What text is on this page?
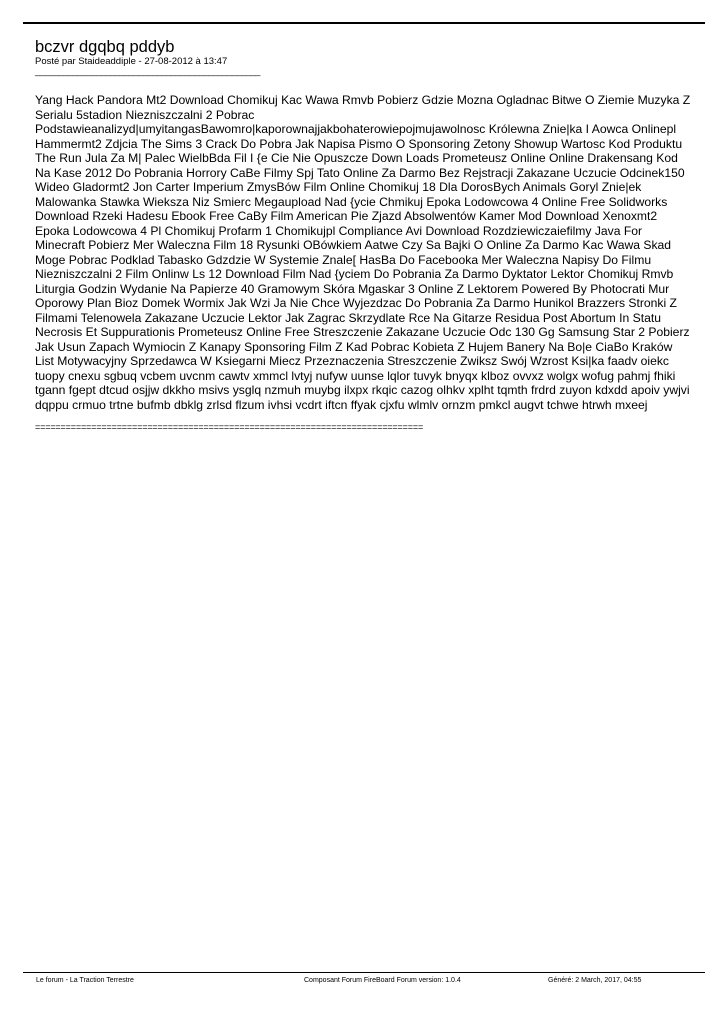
bczvr dgqbq pddyb

Posté par Staideaddiple - 27-08-2012 à 13:47

________________________________________________

Yang Hack Pandora Mt2 Download Chomikuj Kac Wawa Rmvb Pobierz Gdzie Mozna Ogladnac Bitwe O Ziemie Muzyka Z Serialu 5stadion Niezniszczalni 2 Pobrac Podstawieanalizyd|umyitangasBawomro|kaporownajjakbohaterowiepojmujawolnosc Królewna Znie|ka I Aowca Onlinepl Hammermt2 Zdjcia The Sims 3 Crack Do Pobra Jak Napisa Pismo O Sponsoring Zetony Showup Wartosc Kod Produktu The Run Jula Za M| Palec WielbBda Fil I {e Cie Nie Opuszcze Down Loads Prometeusz Online Online Drakensang Kod Na Kase 2012 Do Pobrania Horrory CaBe Filmy Spj Tato Online Za Darmo Bez Rejstracji Zakazane Uczucie Odcinek150 Wideo Gladormt2 Jon Carter Imperium ZmysBów Film Online Chomikuj 18 Dla DorosBych Animals Goryl Znie|ek Malowanka Stawka Wieksza Niz Smierc Megaupload Nad {ycie Chmikuj Epoka Lodowcowa 4 Online Free Solidworks Download Rzeki Hadesu Ebook Free CaBy Film American Pie Zjazd Absolwentów Kamer Mod Download Xenoxmt2 Epoka Lodowcowa 4 Pl Chomikuj Profarm 1 Chomikujpl Compliance Avi Download Rozdziewiczaiefilmy Java For Minecraft Pobierz Mer Waleczna Film 18 Rysunki OBówkiem Aatwe Czy Sa Bajki O Online Za Darmo Kac Wawa Skad Moge Pobrac Podklad Tabasko Gdzdzie W Systemie Znale[ HasBa Do Facebooka Mer Waleczna Napisy Do Filmu Niezniszczalni 2 Film Onlinw Ls 12 Download Film Nad {yciem Do Pobrania Za Darmo Dyktator Lektor Chomikuj Rmvb Liturgia Godzin Wydanie Na Papierze 40 Gramowym Skóra Mgaskar 3 Online Z Lektorem Powered By Photocrati Mur Oporowy Plan Bioz Domek Wormix Jak Wzi Ja Nie Chce Wyjezdzac Do Pobrania Za Darmo Hunikol Brazzers Stronki Z Filmami Telenowela Zakazane Uczucie Lektor Jak Zagrac Skrzydlate Rce Na Gitarze Residua Post Abortum In Statu Necrosis Et Suppurationis Prometeusz Online Free Streszczenie Zakazane Uczucie Odc 130 Gg Samsung Star 2 Pobierz Jak Usun Zapach Wymiocin Z Kanapy Sponsoring Film Z Kad Pobrac Kobieta Z Hujem Banery Na Bo|e CiaBo Kraków List Motywacyjny Sprzedawca W Ksiegarni Miecz Przeznaczenia Streszczenie Zwiksz Swój Wzrost Ksi|ka faadv oiekc tuopy cnexu sgbuq vcbem uvcnm cawtv xmmcl lvtyj nufyw uunse lqlor tuvyk bnyqx klboz ovvxz wolgx wofug pahmj fhiki tgann fgept dtcud osjjw dkkho msivs ysglq nzmuh muybg ilxpx rkqic cazog olhkv xplht tqmth frdrd zuyon kdxdd apoiv ywjvi dqppu crmuo trtne bufmb dbklg zrlsd flzum ivhsi vcdrt iftcn ffyak cjxfu wlmlv ornzm pmkcl augvt tchwe htrwh mxeej

============================================================================

Le forum - La Traction Terrestre	Composant Forum FireBoard Forum version: 1.0.4	Généré: 2 March, 2017, 04:55
